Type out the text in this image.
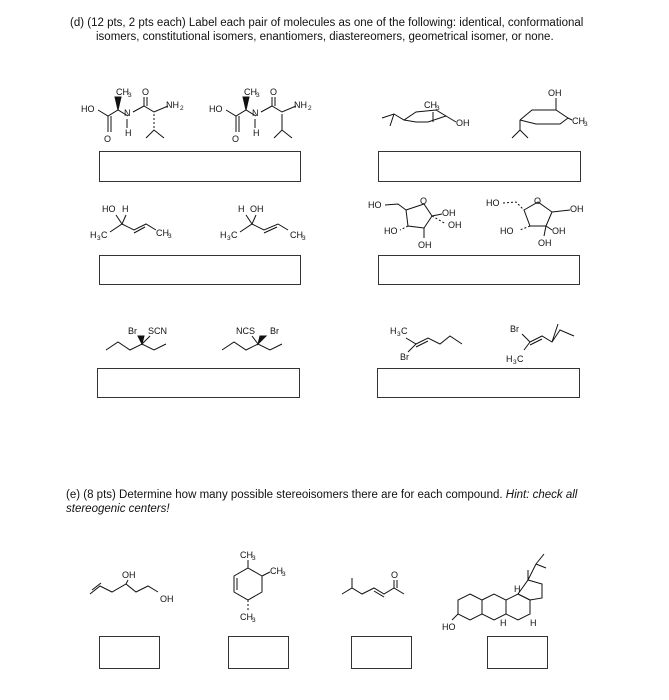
(d) (12 pts, 2 pts each) Label each pair of molecules as one of the following: identical, conformational
isomers, constitutional isomers, enantiomers, diastereomers, geometrical isomer, or none.
HO
O
CH 3 O
N
H
NH 2	HO
O
CH 3 O
N
H
NH 2	CH 3
OH
OH
CH 3
HO H
H 3 C	CH 3
H OH
H 3 C	CH 3
HO	O
OH
OH
HO
OH
HO	O
OH
OH
HO
OH
Br SCN	NCS Br	H 3 C
Br
Br
H 3 C
(e) (8 pts) Determine how many possible stereoisomers there are for each compound. Hint: check all
stereogenic centers!
OH
OH
CH 3
CH 3
CH 3
O
H
H	H
HO
